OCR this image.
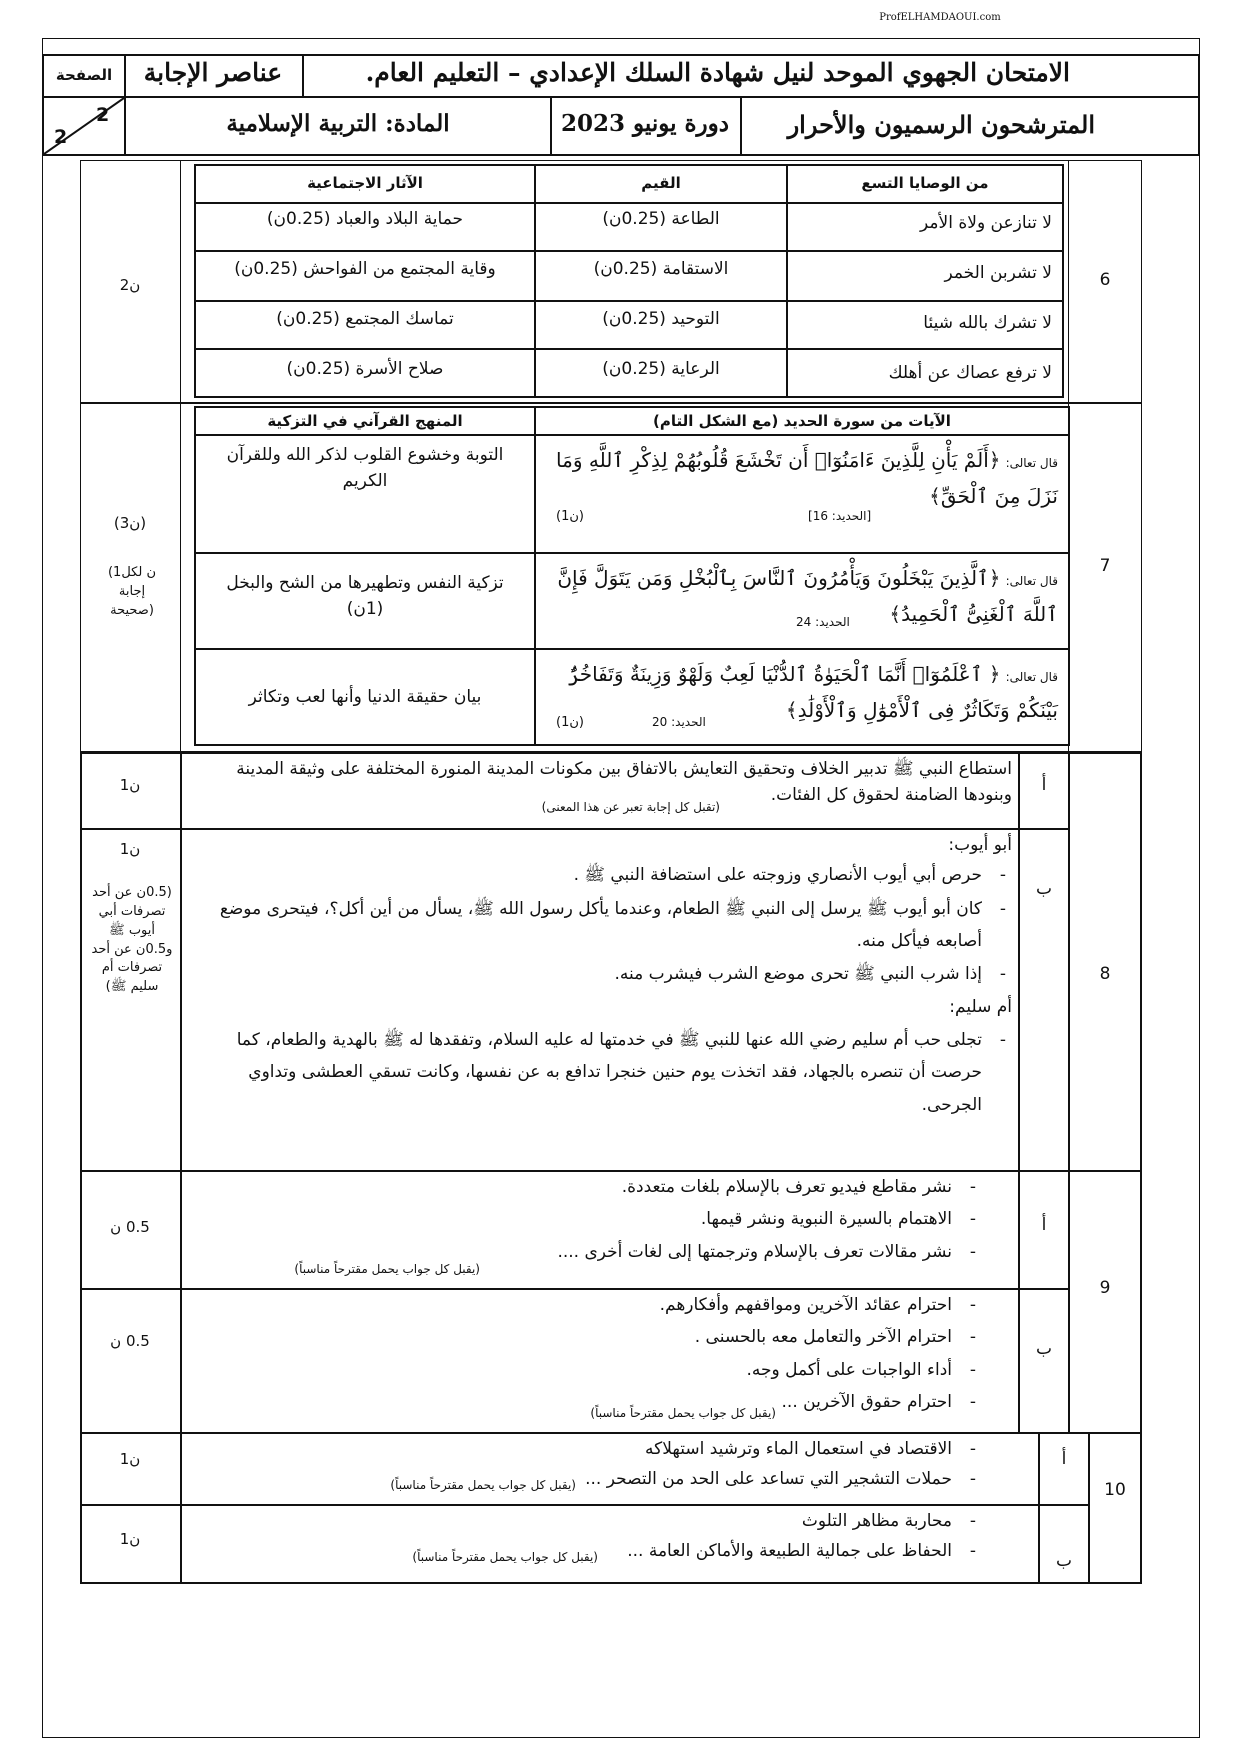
ProfELHAMDAOUI.com
الامتحان الجهوي الموحد لنيل شهادة السلك الإعدادي – التعليم العام.
عناصر الإجابة
الصفحة
2
2	المترشحون الرسميون والأحرار
دورة يونيو 2023
المادة: التربية الإسلامية
6
2ن
من الوصايا التسع
القيم
الآثار الاجتماعية
لا تنازعن ولاة الأمر
الطاعة (0.25ن)
حماية البلاد والعباد (0.25ن)
لا تشربن الخمر
الاستقامة (0.25ن)
وقاية المجتمع من الفواحش (0.25ن)
لا تشرك بالله شيئا
التوحيد (0.25ن)
تماسك المجتمع (0.25ن)
لا ترفع عصاك عن أهلك
الرعاية (0.25ن)
صلاح الأسرة (0.25ن)
7
(3ن)
(1ن لكل إجابة صحيحة)
الآيات من سورة الحديد (مع الشكل التام)
المنهج القرآني في التزكية
قال تعالى: ﴿أَلَمْ يَأْنِ لِلَّذِينَ ءَامَنُوٓا۟ أَن تَخْشَعَ قُلُوبُهُمْ لِذِكْرِ ٱللَّهِ وَمَا نَزَلَ مِنَ ٱلْحَقِّ﴾
[الحديد: 16]
(1ن)
التوبة وخشوع القلوب لذكر الله وللقرآن الكريم
قال تعالى: ﴿ٱلَّذِينَ يَبْخَلُونَ وَيَأْمُرُونَ ٱلنَّاسَ بِٱلْبُخْلِ وَمَن يَتَوَلَّ فَإِنَّ ٱللَّهَ ٱلْغَنِىُّ ٱلْحَمِيدُ﴾
الحديد: 24
تزكية النفس وتطهيرها من الشح والبخل (1ن)
قال تعالى: ﴿ ٱعْلَمُوٓا۟ أَنَّمَا ٱلْحَيَوٰةُ ٱلدُّنْيَا لَعِبٌ وَلَهْوٌ وَزِينَةٌ وَتَفَاخُرٌۢ بَيْنَكُمْ وَتَكَاثُرٌ فِى ٱلْأَمْوَٰلِ وَٱلْأَوْلَٰدِ﴾
الحديد: 20
(1ن)
بيان حقيقة الدنيا وأنها لعب وتكاثر
8
أ
1ن
استطاع النبي ﷺ تدبير الخلاف وتحقيق التعايش بالاتفاق بين مكونات المدينة المنورة المختلفة على وثيقة المدينة وبنودها الضامنة لحقوق كل الفئات.
(تقبل كل إجابة تعبر عن هذا المعنى)
ب
1ن
(0.5ن عن أحد تصرفات أبي أيوب ﷺ و0.5ن عن أحد تصرفات أم سليم ﷺ)
أبو أيوب:
- حرص أبي أيوب الأنصاري وزوجته على استضافة النبي ﷺ .
- كان أبو أيوب ﷺ يرسل إلى النبي ﷺ الطعام، وعندما يأكل رسول الله ﷺ، يسأل من أين أكل؟، فيتحرى موضع أصابعه فيأكل منه.
- إذا شرب النبي ﷺ تحرى موضع الشرب فيشرب منه.
أم سليم:
- تجلى حب أم سليم رضي الله عنها للنبي ﷺ في خدمتها له عليه السلام، وتفقدها له ﷺ بالهدية والطعام، كما حرصت أن تنصره بالجهاد، فقد اتخذت يوم حنين خنجرا تدافع به عن نفسها، وكانت تسقي العطشى وتداوي الجرحى.
9
أ
0.5 ن
- نشر مقاطع فيديو تعرف بالإسلام بلغات متعددة.
- الاهتمام بالسيرة النبوية ونشر قيمها.
- نشر مقالات تعرف بالإسلام وترجمتها إلى لغات أخرى ....
(يقبل كل جواب يحمل مقترحاً مناسباً)
ب
0.5 ن
- احترام عقائد الآخرين ومواقفهم وأفكارهم.
- احترام الآخر والتعامل معه بالحسنى .
- أداء الواجبات على أكمل وجه.
- احترام حقوق الآخرين ...
(يقبل كل جواب يحمل مقترحاً مناسباً)
10
أ
1ن
-	الاقتصاد في استعمال الماء وترشيد استهلاكه
- حملات التشجير التي تساعد على الحد من التصحر ...
(يقبل كل جواب يحمل مقترحاً مناسباً)
ب
1ن
- محاربة مظاهر التلوث
- الحفاظ على جمالية الطبيعة والأماكن العامة ...
(يقبل كل جواب يحمل مقترحاً مناسباً)
